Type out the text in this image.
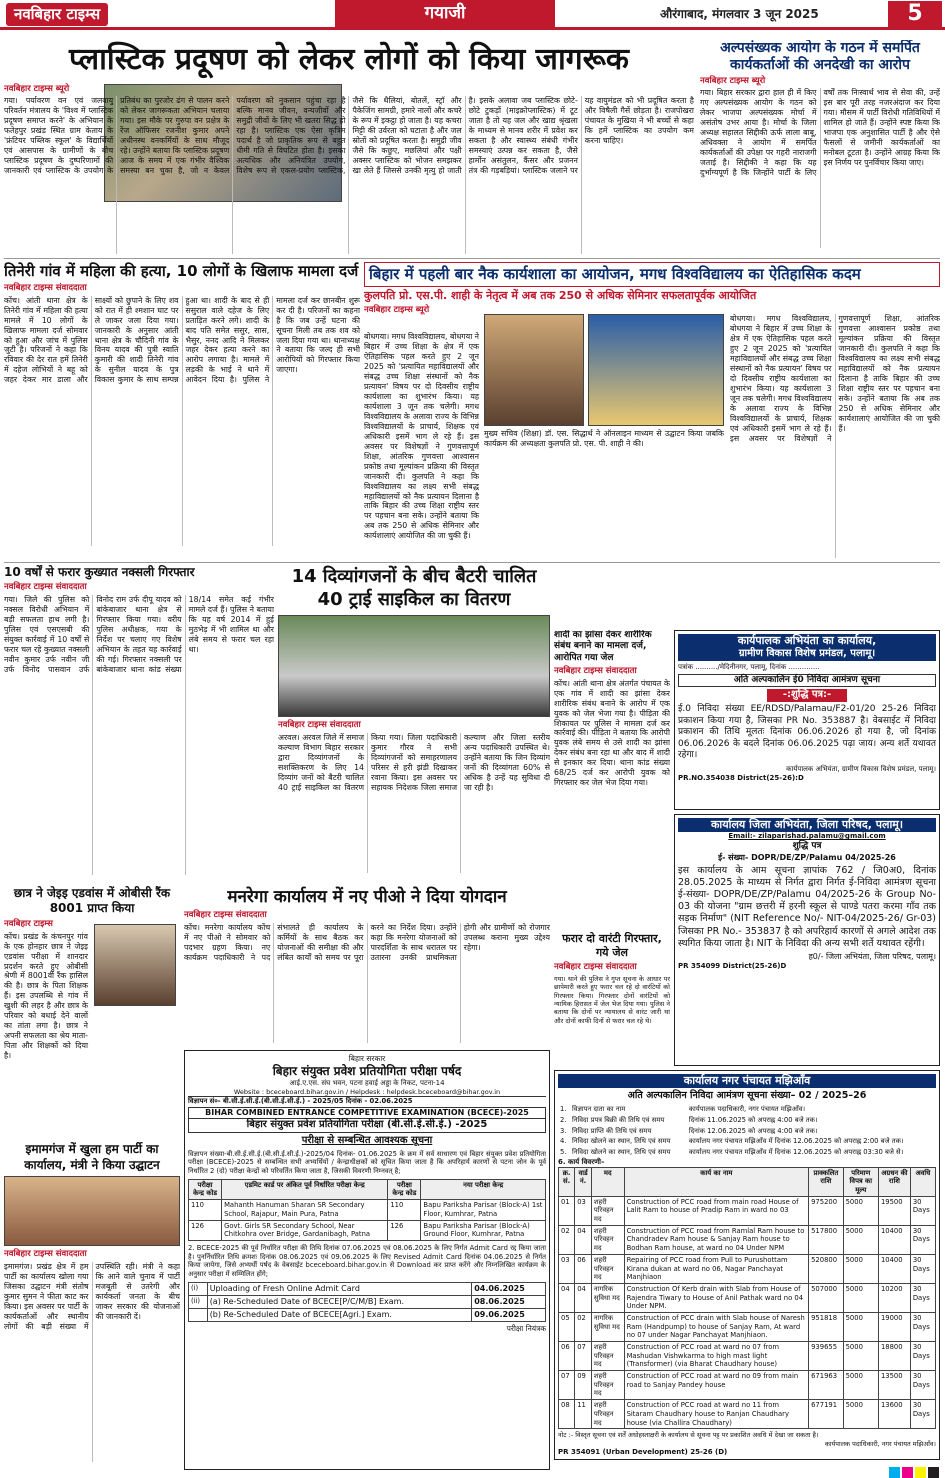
नवबिहार टाइम्स	गयाजी	औरंगाबाद, मंगलवार 3 जून 2025	5
प्लास्टिक प्रदूषण को लेकर लोगों को किया जागरूक
नवबिहार टाइम्स ब्यूरो
गया। पर्यावरण वन एवं जलवायु परिवर्तन मंत्रालय के 'विश्व में प्लास्टिक प्रदूषण समाप्त करने' के अभियान के फतेहपुर प्रखंड स्थित ग्राम केताय के 'फ्रंटियर पब्लिक स्कूल' के विद्यार्थियों एवं आसपास के ग्रामीणों के बीच प्लास्टिक प्रदूषण के दुष्परिणामों की जानकारी एवं प्लास्टिक के उपयोग के प्रतिबंध का पुरजोर ढंग से पालन करने को लेकर जागरूकता अभियान चलाया गया। इस मौके पर गुरुपा वन प्रक्षेत्र के रेंज ऑफिसर रजनीश कुमार अपने अधीनस्थ वनकर्मियों के साथ मौजूद रहे। उन्होंने बताया कि प्लास्टिक प्रदूषण आज के समय में एक गंभीर वैश्विक समस्या बन चुका है, जो न केवल पर्यावरण को नुकसान पहुंचा रहा है बल्कि मानव जीवन, वन्यजीवों और समुद्री जीवों के लिए भी खतरा सिद्ध हो रहा है। प्लास्टिक एक ऐसा कृत्रिम पदार्थ है जो प्राकृतिक रूप से बहुत धीमी गति से विघटित होता है। इसका अत्यधिक और अनियंत्रित उपयोग, विशेष रूप से एकल-प्रयोग प्लास्टिक, जैसे कि थैलियां, बोतलें, स्ट्रॉ और पैकेजिंग सामग्री, हमारे नालों और कचरे के रूप में इकट्ठा हो जाता है। यह कचरा मिट्टी की उर्वरता को घटाता है और जल स्रोतों को प्रदूषित करता है। समुद्री जीव जैसे कि कछुए, मछलियां और पक्षी अक्सर प्लास्टिक को भोजन समझकर खा लेते हैं जिससे उनकी मृत्यु हो जाती है। इसके अलावा जब प्लास्टिक छोटे-छोटे टुकड़ों (माइक्रोप्लास्टिक) में टूट जाता है तो यह जल और खाद्य श्रृंखला के माध्यम से मानव शरीर में प्रवेश कर सकता है और स्वास्थ्य संबंधी गंभीर समस्याएं उत्पन्न कर सकता है, जैसे हार्मोन असंतुलन, कैंसर और प्रजनन तंत्र की गड़बड़ियां। प्लास्टिक जलाने पर यह वायुमंडल को भी प्रदूषित करता है और विषैली गैसें छोड़ता है। राजपोखरा पंचायत के मुखिया ने भी बच्चों से कहा कि हमें प्लास्टिक का उपयोग कम करना चाहिए।
अल्पसंख्यक आयोग के गठन में समर्पित कार्यकर्ताओं की अनदेखी का आरोप
नवबिहार टाइम्स ब्यूरो
गया। बिहार सरकार द्वारा हाल ही में किए गए अल्पसंख्यक आयोग के गठन को लेकर भाजपा अल्पसंख्यक मोर्चा में असंतोष उभर आया है। मोर्चा के जिला अध्यक्ष सहालत सिद्दीकी ऊर्फ लाला बाबू, अधिवक्ता ने आयोग में समर्पित कार्यकर्ताओं की उपेक्षा पर गहरी नाराजगी जताई है। सिद्दीकी ने कहा कि यह दुर्भाग्यपूर्ण है कि जिन्होंने पार्टी के लिए वर्षों तक निःस्वार्थ भाव से सेवा की, उन्हें इस बार पूरी तरह नजरअंदाज कर दिया गया। मौसम में पार्टी विरोधी गतिविधियों में शामिल हो जाते हैं। उन्होंने स्पष्ट किया कि भाजपा एक अनुशासित पार्टी है और ऐसे फैसलों से जमीनी कार्यकर्ताओं का मनोबल टूटता है। उन्होंने आग्रह किया कि इस निर्णय पर पुनर्विचार किया जाए।
तिनेरी गांव में महिला की हत्या, 10 लोगों के खिलाफ मामला दर्ज
नवबिहार टाइम्स संवाददाता
कोंच। आंती थाना क्षेत्र के तिनेरी गांव में महिला की हत्या मामले में 10 लोगों के खिलाफ मामला दर्ज सोमवार को हुआ और जांच में पुलिस जुटी है। परिजनों ने कहा कि रविवार की देर रात हमें तिनेरी में दहेज लोभियों ने बहू को जहर देकर मार डाला और साक्ष्यों को छुपाने के लिए शव को रात में ही श्मशान घाट पर ले जाकर जला दिया गया। जानकारी के अनुसार आंती थाना क्षेत्र के चौदिनी गांव के विनय यादव की पुत्री स्वाति कुमारी की शादी तिनेरी गांव के सुनील यादव के पुत्र विकास कुमार के साथ सम्पन्न हुआ था। शादी के बाद से ही ससुराल वाले दहेज के लिए प्रताड़ित करने लगे। शादी के बाद पति समेत ससुर, सास, भैसुर, ननद आदि ने मिलकर जहर देकर हत्या करने का आरोप लगाया है। मामले में लड़की के भाई ने थाने में आवेदन दिया है। पुलिस ने मामला दर्ज कर छानबीन शुरू कर दी है। परिजनों का कहना है कि जब उन्हें घटना की सूचना मिली तब तक शव को जला दिया गया था। थानाध्यक्ष ने बताया कि जल्द ही सभी आरोपियों को गिरफ्तार किया जाएगा।
बिहार में पहली बार नैक कार्यशाला का आयोजन, मगध विश्वविद्यालय का ऐतिहासिक कदम
कुलपति प्रो. एस.पी. शाही के नेतृत्व में अब तक 250 से अधिक सेमिनार सफलतापूर्वक आयोजित
नवबिहार टाइम्स ब्यूरो
बोधगया। मगध विश्वविद्यालय, बोधगया ने बिहार में उच्च शिक्षा के क्षेत्र में एक ऐतिहासिक पहल करते हुए 2 जून 2025 को 'प्रत्यायित महाविद्यालयों और संबद्ध उच्च शिक्षा संस्थानों को नैक प्रत्यायन' विषय पर दो दिवसीय राष्ट्रीय कार्यशाला का शुभारंभ किया। यह कार्यशाला 3 जून तक चलेगी। मगध विश्वविद्यालय के अलावा राज्य के विभिन्न विश्वविद्यालयों के प्राचार्य, शिक्षक एवं अधिकारी इसमें भाग ले रहे हैं। इस अवसर पर विशेषज्ञों ने गुणवत्तापूर्ण शिक्षा, आंतरिक गुणवत्ता आश्वासन प्रकोष्ठ तथा मूल्यांकन प्रक्रिया की विस्तृत जानकारी दी। कुलपति ने कहा कि विश्वविद्यालय का लक्ष्य सभी संबद्ध महाविद्यालयों को नैक प्रत्यायन दिलाना है ताकि बिहार की उच्च शिक्षा राष्ट्रीय स्तर पर पहचान बना सके। उन्होंने बताया कि अब तक 250 से अधिक सेमिनार और कार्यशालाएं आयोजित की जा चुकी हैं।
मुख्य सचिव (शिक्षा) डॉ. एस. सिद्धार्थ ने ऑनलाइन माध्यम से उद्घाटन किया जबकि कार्यक्रम की अध्यक्षता कुलपति प्रो. एस. पी. शाही ने की।
बोधगया। मगध विश्वविद्यालय, बोधगया ने बिहार में उच्च शिक्षा के क्षेत्र में एक ऐतिहासिक पहल करते हुए 2 जून 2025 को 'प्रत्यायित महाविद्यालयों और संबद्ध उच्च शिक्षा संस्थानों को नैक प्रत्यायन' विषय पर दो दिवसीय राष्ट्रीय कार्यशाला का शुभारंभ किया। यह कार्यशाला 3 जून तक चलेगी। मगध विश्वविद्यालय के अलावा राज्य के विभिन्न विश्वविद्यालयों के प्राचार्य, शिक्षक एवं अधिकारी इसमें भाग ले रहे हैं। इस अवसर पर विशेषज्ञों ने गुणवत्तापूर्ण शिक्षा, आंतरिक गुणवत्ता आश्वासन प्रकोष्ठ तथा मूल्यांकन प्रक्रिया की विस्तृत जानकारी दी। कुलपति ने कहा कि विश्वविद्यालय का लक्ष्य सभी संबद्ध महाविद्यालयों को नैक प्रत्यायन दिलाना है ताकि बिहार की उच्च शिक्षा राष्ट्रीय स्तर पर पहचान बना सके। उन्होंने बताया कि अब तक 250 से अधिक सेमिनार और कार्यशालाएं आयोजित की जा चुकी हैं।
10 वर्षों से फरार कुख्यात नक्सली गिरफ्तार
नवबिहार टाइम्स संवाददाता
गया। जिले की पुलिस को नक्सल विरोधी अभियान में बड़ी सफलता हाथ लगी है। पुलिस एवं एसएसबी की संयुक्त कार्रवाई में 10 वर्षों से फरार चल रहे कुख्यात नक्सली नवीन कुमार उर्फ नवीन जी उर्फ विनोद पासवान उर्फ विनोद राम उर्फ दीपू यादव को बांकेबाजार थाना क्षेत्र से गिरफ्तार किया गया। वरीय पुलिस अधीक्षक, गया के निर्देश पर चलाए गए विशेष अभियान के तहत यह कार्रवाई की गई। गिरफ्तार नक्सली पर बांकेबाजार थाना कांड संख्या 18/14 समेत कई गंभीर मामले दर्ज हैं। पुलिस ने बताया कि यह वर्ष 2014 में हुई मुठभेड़ में भी शामिल था और लंबे समय से फरार चल रहा था।
14 दिव्यांगजनों के बीच बैटरी चालित 40 ट्राई साइकिल का वितरण
नवबिहार टाइम्स संवाददाता
अरवल। अरवल जिले में समाज कल्याण विभाग बिहार सरकार द्वारा दिव्यांगजनों के सशक्तिकरण के लिए 14 दिव्यांग जनों को बैटरी चालित 40 ट्राई साइकिल का वितरण किया गया। जिला पदाधिकारी कुमार गौरव ने सभी दिव्यांगजनों को समाहरणालय परिसर से हरी झंडी दिखाकर रवाना किया। इस अवसर पर सहायक निदेशक जिला समाज कल्याण और जिला स्तरीय अन्य पदाधिकारी उपस्थित थे। उन्होंने बताया कि जिन दिव्यांग जनों की दिव्यांगता 60% से अधिक है उन्हें यह सुविधा दी जा रही है।
शादी का झांसा देकर शारीरिक संबंध बनाने का मामला दर्ज, आरोपित गया जेल
नवबिहार टाइम्स संवाददाता
कोंच। आंती थाना क्षेत्र अंतर्गत पंचायत के एक गांव में शादी का झांसा देकर शारीरिक संबंध बनाने के आरोप में एक युवक को जेल भेजा गया है। पीड़िता की शिकायत पर पुलिस ने मामला दर्ज कर कार्रवाई की। पीड़िता ने बताया कि आरोपी युवक लंबे समय से उसे शादी का झांसा देकर संबंध बना रहा था और बाद में शादी से इनकार कर दिया। थाना कांड संख्या 68/25 दर्ज कर आरोपी युवक को गिरफ्तार कर जेल भेज दिया गया।
फरार दो वारंटी गिरफ्तार, गये जेल
नवबिहार टाइम्स संवाददाता
गया। थाने की पुलिस ने गुप्त सूचना के आधार पर छापेमारी करते हुए फरार चल रहे दो वारंटियों को गिरफ्तार किया। गिरफ्तार दोनों वारंटियों को न्यायिक हिरासत में जेल भेज दिया गया। पुलिस ने बताया कि दोनों पर न्यायालय से वारंट जारी था और दोनों काफी दिनों से फरार चल रहे थे।
कार्यपालक अभियंता का कार्यालय,
ग्रामीण विकास विशेष प्रमंडल, पलामू।
पत्रांक ........../मेदिनीनगर, पलामू, दिनांक ..............
अति अल्पकालिन ई0 निविदा आमंत्रण सूचना
-:शुद्धि पत्र:-
ई.0 निविदा संख्या EE/RDSD/Palamau/F2-01/20 25-26 निविदा प्रकाशन किया गया है, जिसका PR No. 353887 है। वेबसाईट में निविदा प्रकाशन की तिथि मूलतः दिनांक 06.06.2026 हो गया है, जो दिनांक 06.06.2026 के बदले दिनांक 06.06.2025 पढ़ा जाय। अन्य शर्ते यथावत रहेगा।
कार्यपालक अभियंता, ग्रामीण विकास विशेष प्रमंडल, पलामू।
PR.NO.354038 District(25-26):D
कार्यालय जिला अभियंता, जिला परिषद, पलामू।
Email:- zilaparishad.palamu@gmail.com
शुद्धि पत्र
ई- संख्या- DOPR/DE/ZP/Palamu 04/2025-26
इस कार्यालय के आम सूचना ज्ञापांक 762 / जि0अ0, दिनांक 28.05.2025 के माध्यम से निर्गत द्वारा निर्गत ई-निविदा आमंत्रण सूचना ई-संख्या- DOPR/DE/ZP/Palamu 04/2025-26 के Group No-03 की योजना "ग्राम छत्तरी में हरनी स्कूल से पाण्डे पतरा करमा गाँव तक सड़क निर्माण" (NIT Reference No/- NIT-04/2025-26/ Gr-03) जिसका PR No.- 353837 है को अपरिहार्य कारणों से अगले आदेश तक स्थगित किया जाता है। NIT के निविदा की अन्य सभी शर्ते यथावत रहेंगी।
ह0/- जिला अभियंता, जिला परिषद, पलामू।
PR 354099 District(25-26)D
छात्र ने जेइइ एडवांस में ओबीसी रैंक 8001 प्राप्त किया
नवबिहार टाइम्स
कोंच। प्रखंड के कंचनपुर गांव के एक होनहार छात्र ने जेइइ एडवांस परीक्षा में शानदार प्रदर्शन करते हुए ओबीसी श्रेणी में 8001वीं रैंक हासिल की है। छात्र के पिता शिक्षक हैं। इस उपलब्धि से गांव में खुशी की लहर है और छात्र के परिवार को बधाई देने वालों का तांता लगा है। छात्र ने अपनी सफलता का श्रेय माता-पिता और शिक्षकों को दिया है।
मनरेगा कार्यालय में नए पीओ ने दिया योगदान
नवबिहार टाइम्स संवाददाता
कोंच। मनरेगा कार्यालय कोंच में नए पीओ ने सोमवार को पदभार ग्रहण किया। नए कार्यक्रम पदाधिकारी ने पद संभालते ही कार्यालय के कर्मियों के साथ बैठक कर योजनाओं की समीक्षा की और लंबित कार्यों को समय पर पूरा करने का निर्देश दिया। उन्होंने कहा कि मनरेगा योजनाओं को पारदर्शिता के साथ धरातल पर उतारना उनकी प्राथमिकता होगी और ग्रामीणों को रोजगार उपलब्ध कराना मुख्य उद्देश्य रहेगा।
बिहार सरकार
बिहार संयुक्त प्रवेश प्रतियोगिता परीक्षा पर्षद
आई.ए.एस. संघ भवन, पटना हवाई अड्डा के निकट, पटना-14
Website : bceceboard.bihar.gov.in / Helpdesk : helpdesk.bceceboard@bihar.gov.in
विज्ञापन सं०- बी.सी.ई.सी.ई.(बी.सी.ई.सी.ई.) - 2025/05 दिनांक - 02.06.2025
BIHAR COMBINED ENTRANCE COMPETITIVE EXAMINATION (BCECE)-2025
बिहार संयुक्त प्रवेश प्रतियोगिता परीक्षा (बी.सी.ई.सी.ई.) -2025
परीक्षा से सम्बन्धित आवश्यक सूचना
विज्ञापन संख्या-बी.सी.ई.सी.ई.(बी.सी.ई.सी.ई.)-2025/04 दिनांक- 01.06.2025 के क्रम में सर्व साधारण एवं बिहार संयुक्त प्रवेश प्रतियोगिता परीक्षा (BCECE)-2025 से सम्बन्धित सभी अभ्यर्थियों / केन्द्राधीक्षकों को सूचित किया जाता है कि अपरिहार्य कारणों से पटना जोन के पूर्व निर्धारित 2 (दो) परीक्षा केन्द्रों को परिवर्तित किया जाता है, जिसकी विवरणी निम्नवत् है;
परीक्षा केन्द्र कोड	एडमिट कार्ड पर अंकित पूर्व निर्धारित परीक्षा केन्द्र	परीक्षा केन्द्र कोड	नया परीक्षा केन्द्र
110	Mahanth Hanuman Sharan SR Secondary School, Rajapur, Main Pura, Patna	110	Bapu Pariksha Parisar (Block-A) 1st Floor, Kumhrar, Patna
126	Govt. Girls SR Secondary School, Near Chitkohra over Bridge, Gardanibagh, Patna	126	Bapu Pariksha Parisar (Block-A) Ground Floor, Kumhrar, Patna
2. BCECE-2025 की पूर्व निर्धारित परीक्षा की तिथि दिनांक 07.06.2025 एवं 08.06.2025 के लिए निर्गत Admit Card रद्द किया जाता है। पुनर्निर्धारित तिथि क्रमशः दिनांक 08.06.2025 एवं 09.06.2025 के लिए Revised Admit Card दिनांक 04.06.2025 से निर्गत किया जायेगा, जिसे अभ्यर्थी पर्षद के वेबसाईट bceceboard.bihar.gov.in से Download कर प्राप्त करेंगे और निम्नलिखित कार्यक्रम के अनुसार परीक्षा में सम्मिलित होंगे;
(i)	Uploading of Fresh Online Admit Card	04.06.2025
(ii)	(a) Re-Scheduled Date of BCECE[P/C/M/B] Exam.	08.06.2025
	(b) Re-Scheduled Date of BCECE[Agri.] Exam.	09.06.2025
परीक्षा नियंत्रक
इमामगंज में खुला हम पार्टी का कार्यालय, मंत्री ने किया उद्घाटन
नवबिहार टाइम्स संवाददाता
इमामगंज। प्रखंड क्षेत्र में हम पार्टी का कार्यालय खोला गया जिसका उद्घाटन मंत्री संतोष कुमार सुमन ने फीता काट कर किया। इस अवसर पर पार्टी के कार्यकर्ताओं और स्थानीय लोगों की बड़ी संख्या में उपस्थिति रही। मंत्री ने कहा कि आने वाले चुनाव में पार्टी मजबूती से उतरेगी और कार्यकर्ता जनता के बीच जाकर सरकार की योजनाओं की जानकारी दें।
कार्यालय नगर पंचायत मझिआँव
अति अल्पकालिन निविदा आमंत्रण सूचना संख्या– 02 / 2025–26
1.	विज्ञापन दाता का नाम	कार्यपालक पदाधिकारी, नगर पंचायत मझिआँव।
2.	निविदा प्रपत्र बिक्री की तिथि एवं समय	दिनांक 11.06.2025 को अपराह्न 4:00 बजे तक।
3.	निविदा प्राप्ति की तिथि एवं समय	दिनांक 12.06.2025 को अपराह्न 4:00 बजे तक।
4.	निविदा खोलने का स्थान, तिथि एवं समय	कार्यालय नगर पंचायत मझिआँव में दिनांक 12.06.2025 को अपराह्न 2:00 बजे तक।
5.	निविदा खोलने का स्थान, तिथि एवं समय	कार्यालय नगर पंचायत मझिआँव में दिनांक 12.06.2025 को अपराह्न 03:30 बजे से।
6. कार्य विवरणी–
क्र. सं.	वार्ड नं.	मद	कार्य का नाम	प्राक्कलित राशि	परिमाण विपत्र का मूल्य	अग्रधन की राशि	अवधि
01	03	शहरी परिवहन मद	Construction of PCC road from main road House of Lalit Ram to house of Pradip Ram in ward no 03	975200	5000	19500	30 Days
02	04	शहरी परिवहन मद	Construction of PCC road from Ramlal Ram house to Chandradev Ram house & Sanjay Ram house to Bodhan Ram house, at ward no 04 Under NPM	517800	5000	10400	30 Days
03	06	शहरी परिवहन मद	Repairing of PCC road from Pull to Purushottam Kirana dukan at ward no 06, Nagar Panchayat Manjhiaon	520800	5000	10400	30 Days
04	04	नागरिक सुविधा मद	Construction Of Kerb drain with Slab from House of Rajendra Tiwary to House of Anil Pathak ward no 04 Under NPM.	507000	5000	10200	30 Days
05	02	नागरिक सुविधा मद	Construction of PCC drain with Slab house of Naresh Ram (Handpump) to house of Sanjay Ram, At ward no 07 under Nagar Panchayat Manjhiaon.	951818	5000	19000	30 Days
06	07	शहरी परिवहन मद	Construction of PCC road at ward no 07 from Mashudan Vishwkarma to high mast light (Transformer) (via Bharat Chaudhary house)	939655	5000	18800	30 Days
07	09	शहरी परिवहन मद	Construction of PCC road at ward no 09 from main road to Sanjay Pandey house	671963	5000	13500	30 Days
08	11	शहरी परिवहन मद	Construction of PCC road at ward no 11 from Sitaram Chaudhary house to Ranjan Chaudhary house (via Challira Chaudhary)	677191	5000	13600	30 Days
नोट :- विस्तृत सूचना एवं शर्तें अधोहस्ताक्षरी के कार्यालय से सूचना पट्ट पर प्रकाशित अवधि में देखा जा सकता है।
कार्यपालक पदाधिकारी, नगर पंचायत मझिआँव।
PR 354091 (Urban Development) 25-26 (D)
